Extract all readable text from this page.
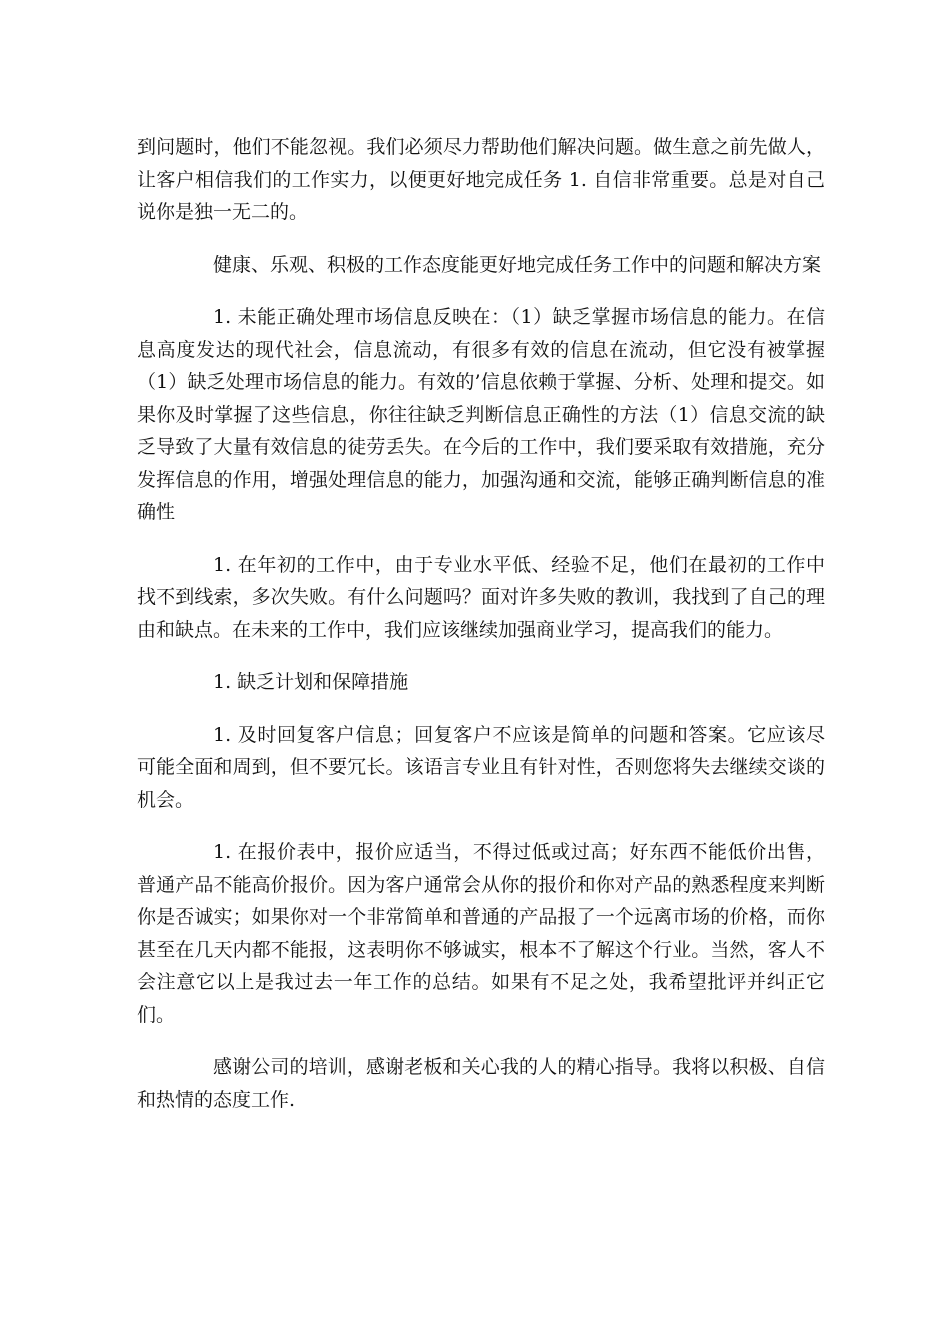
到问题时，他们不能忽视。我们必须尽力帮助他们解决问题。做生意之前先做人，让客户相信我们的工作实力，以便更好地完成任务 1. 自信非常重要。总是对自己说你是独一无二的。

健康、乐观、积极的工作态度能更好地完成任务工作中的问题和解决方案

1. 未能正确处理市场信息反映在：（1）缺乏掌握市场信息的能力。在信息高度发达的现代社会，信息流动，有很多有效的信息在流动，但它没有被掌握（1）缺乏处理市场信息的能力。有效的’信息依赖于掌握、分析、处理和提交。如果你及时掌握了这些信息，你往往缺乏判断信息正确性的方法（1）信息交流的缺乏导致了大量有效信息的徒劳丢失。在今后的工作中，我们要采取有效措施，充分发挥信息的作用，增强处理信息的能力，加强沟通和交流，能够正确判断信息的准确性

1. 在年初的工作中，由于专业水平低、经验不足，他们在最初的工作中找不到线索，多次失败。有什么问题吗？面对许多失败的教训，我找到了自己的理由和缺点。在未来的工作中，我们应该继续加强商业学习，提高我们的能力。

1. 缺乏计划和保障措施

1. 及时回复客户信息；回复客户不应该是简单的问题和答案。它应该尽可能全面和周到，但不要冗长。该语言专业且有针对性，否则您将失去继续交谈的机会。

1. 在报价表中，报价应适当，不得过低或过高；好东西不能低价出售，普通产品不能高价报价。因为客户通常会从你的报价和你对产品的熟悉程度来判断你是否诚实；如果你对一个非常简单和普通的产品报了一个远离市场的价格，而你甚至在几天内都不能报，这表明你不够诚实，根本不了解这个行业。当然，客人不会注意它以上是我过去一年工作的总结。如果有不足之处，我希望批评并纠正它们。

感谢公司的培训，感谢老板和关心我的人的精心指导。我将以积极、自信和热情的态度工作.
